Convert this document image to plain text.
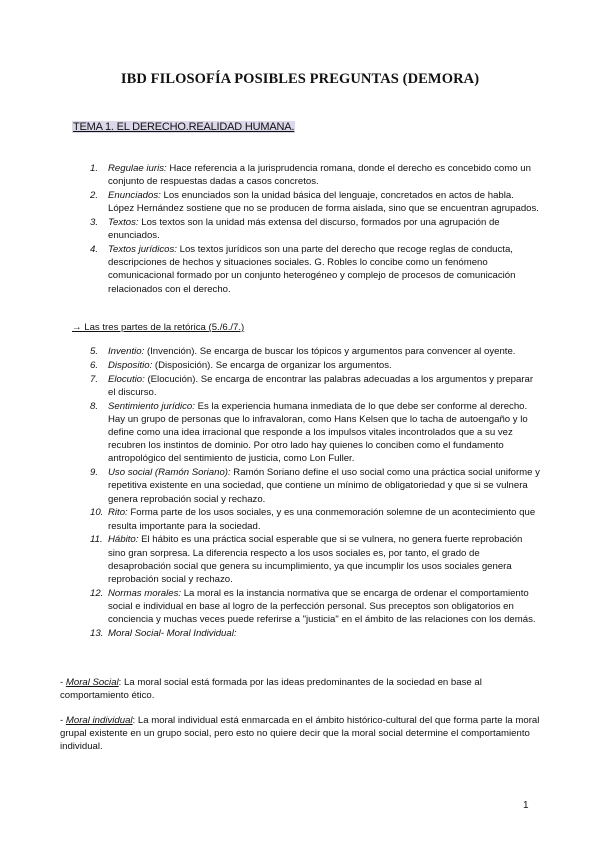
IBD FILOSOFÍA POSIBLES PREGUNTAS (DEMORA)
TEMA 1. EL DERECHO.REALIDAD HUMANA.
1. Regulae iuris: Hace referencia a la jurisprudencia romana, donde el derecho es concebido como un conjunto de respuestas dadas a casos concretos.
2. Enunciados: Los enunciados son la unidad básica del lenguaje, concretados en actos de habla. López Hernández sostiene que no se producen de forma aislada, sino que se encuentran agrupados.
3. Textos: Los textos son la unidad más extensa del discurso, formados por una agrupación de enunciados.
4. Textos jurídicos: Los textos jurídicos son una parte del derecho que recoge reglas de conducta, descripciones de hechos y situaciones sociales. G. Robles lo concibe como un fenómeno comunicacional formado por un conjunto heterogéneo y complejo de procesos de comunicación relacionados con el derecho.
→ Las tres partes de la retórica (5./6./7.)
5. Inventio: (Invención). Se encarga de buscar los tópicos y argumentos para convencer al oyente.
6. Dispositio: (Disposición). Se encarga de organizar los argumentos.
7. Elocutio: (Elocución). Se encarga de encontrar las palabras adecuadas a los argumentos y preparar el discurso.
8. Sentimiento jurídico: Es la experiencia humana inmediata de lo que debe ser conforme al derecho. Hay un grupo de personas que lo infravaloran, como Hans Kelsen que lo tacha de autoengaño y lo define como una idea irracional que responde a los impulsos vitales incontrolados que a su vez recubren los instintos de dominio. Por otro lado hay quienes lo conciben como el fundamento antropológico del sentimiento de justicia, como Lon Fuller.
9. Uso social (Ramón Soriano): Ramón Soriano define el uso social como una práctica social uniforme y repetitiva existente en una sociedad, que contiene un mínimo de obligatoriedad y que si se vulnera genera reprobación social y rechazo.
10. Rito: Forma parte de los usos sociales, y es una conmemoración solemne de un acontecimiento que resulta importante para la sociedad.
11. Hábito: El hábito es una práctica social esperable que si se vulnera, no genera fuerte reprobación sino gran sorpresa. La diferencia respecto a los usos sociales es, por tanto, el grado de desaprobación social que genera su incumplimiento, ya que incumplir los usos sociales genera reprobación social y rechazo.
12. Normas morales: La moral es la instancia normativa que se encarga de ordenar el comportamiento social e individual en base al logro de la perfección personal. Sus preceptos son obligatorios en conciencia y muchas veces puede referirse a "justicia" en el ámbito de las relaciones con los demás.
13. Moral Social- Moral Individual:

- Moral Social: La moral social está formada por las ideas predominantes de la sociedad en base al comportamiento ético.

- Moral individual: La moral individual está enmarcada en el ámbito histórico-cultural del que forma parte la moral grupal existente en un grupo social, pero esto no quiere decir que la moral social determine el comportamiento individual.

1
